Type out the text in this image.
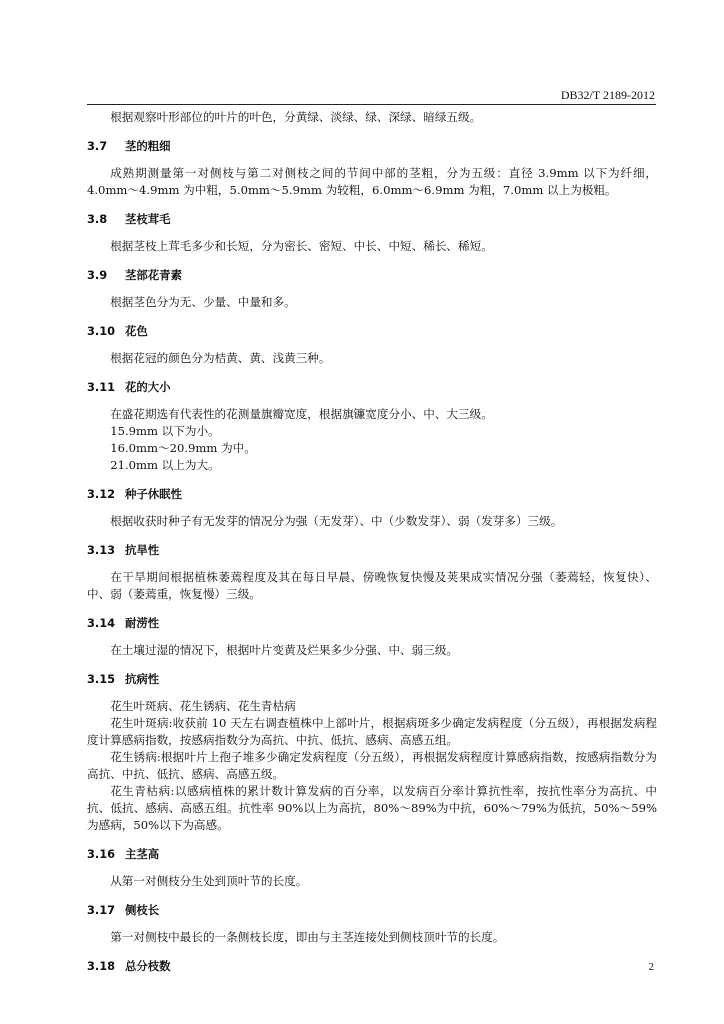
DB32/T 2189-2012

根据观察叶形部位的叶片的叶色，分黄绿、淡绿、绿、深绿、暗绿五级。

3.7 茎的粗细

成熟期测量第一对侧枝与第二对侧枝之间的节间中部的茎粗，分为五级：直径 3.9mm 以下为纤细，4.0mm～4.9mm 为中粗，5.0mm～5.9mm 为较粗，6.0mm～6.9mm 为粗，7.0mm 以上为极粗。

3.8 茎枝茸毛

根据茎枝上茸毛多少和长短，分为密长、密短、中长、中短、稀长、稀短。

3.9 茎部花青素

根据茎色分为无、少量、中量和多。

3.10 花色

根据花冠的颜色分为桔黄、黄、浅黄三种。

3.11 花的大小

在盛花期选有代表性的花测量旗瓣宽度，根据旗镰宽度分小、中、大三级。

15.9mm 以下为小。

16.0mm～20.9mm 为中。

21.0mm 以上为大。

3.12 种子休眠性

根据收获时种子有无发芽的情况分为强（无发芽）、中（少数发芽）、弱（发芽多）三级。

3.13 抗旱性

在干旱期间根据植株萎蔫程度及其在每日早晨、傍晚恢复快慢及荚果成实情况分强（萎蔫轻，恢复快）、中、弱（萎蔫重，恢复慢）三级。

3.14 耐涝性

在土壤过湿的情况下，根据叶片变黄及烂果多少分强、中、弱三级。

3.15 抗病性

花生叶斑病、花生锈病、花生青枯病

花生叶斑病:收获前 10 天左右调查植株中上部叶片，根据病斑多少确定发病程度（分五级），再根据发病程度计算感病指数，按感病指数分为高抗、中抗、低抗、感病、高感五组。

花生锈病:根据叶片上孢子堆多少确定发病程度（分五级），再根据发病程度计算感病指数，按感病指数分为高抗、中抗、低抗、感病、高感五级。

花生青枯病:以感病植株的累计数计算发病的百分率，以发病百分率计算抗性率，按抗性率分为高抗、中抗、低抗、感病、高感五组。抗性率 90%以上为高抗，80%～89%为中抗，60%～79%为低抗，50%～59%为感病，50%以下为高感。

3.16 主茎高

从第一对侧枝分生处到顶叶节的长度。

3.17 侧枝长

第一对侧枝中最长的一条侧枝长度，即由与主茎连接处到侧枝顶叶节的长度。

3.18 总分枝数	2
